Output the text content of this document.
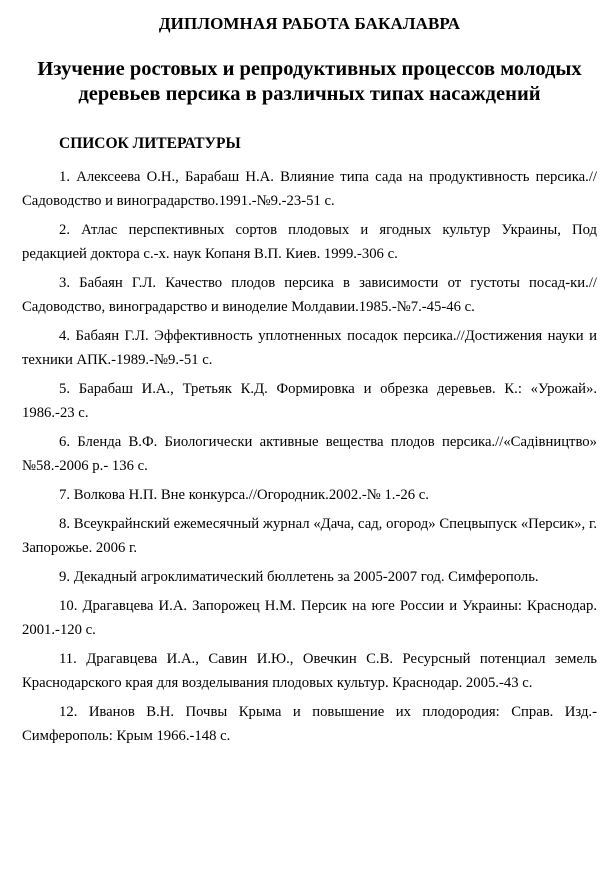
ДИПЛОМНАЯ РАБОТА БАКАЛАВРА
Изучение ростовых и репродуктивных процессов молодых деревьев персика в различных типах насаждений
СПИСОК ЛИТЕРАТУРЫ
1. Алексеева О.Н., Барабаш Н.А. Влияние типа сада на продуктивность персика.//Садоводство и виноградарство.1991.-№9.-23-51 с.
2. Атлас перспективных сортов плодовых и ягодных культур Украины, Под редакцией доктора с.-х. наук Копаня В.П. Киев. 1999.-306 с.
3. Бабаян Г.Л. Качество плодов персика в зависимости от густоты посад-ки.//Садоводство, виноградарство и виноделие Молдавии.1985.-№7.-45-46 с.
4. Бабаян Г.Л. Эффективность уплотненных посадок персика.//Достижения науки и техники АПК.-1989.-№9.-51 с.
5. Барабаш И.А., Третьяк К.Д. Формировка и обрезка деревьев. К.: «Урожай». 1986.-23 с.
6. Бленда В.Ф. Биологически активные вещества плодов персика.//«Садівництво» №58.-2006 р.- 136 с.
7. Волкова Н.П. Вне конкурса.//Огородник.2002.-№ 1.-26 с.
8. Всеукрайнский ежемесячный журнал «Дача, сад, огород» Спецвыпуск «Персик», г. Запорожье. 2006 г.
9. Декадный агроклиматический бюллетень за 2005-2007 год. Симферополь.
10. Драгавцева И.А. Запорожец Н.М. Персик на юге России и Украины: Краснодар. 2001.-120 с.
11. Драгавцева И.А., Савин И.Ю., Овечкин С.В. Ресурсный потенциал земель Краснодарского края для возделывания плодовых культур. Краснодар. 2005.-43 с.
12. Иванов В.Н. Почвы Крыма и повышение их плодородия: Справ. Изд.-Симферополь: Крым 1966.-148 с.
